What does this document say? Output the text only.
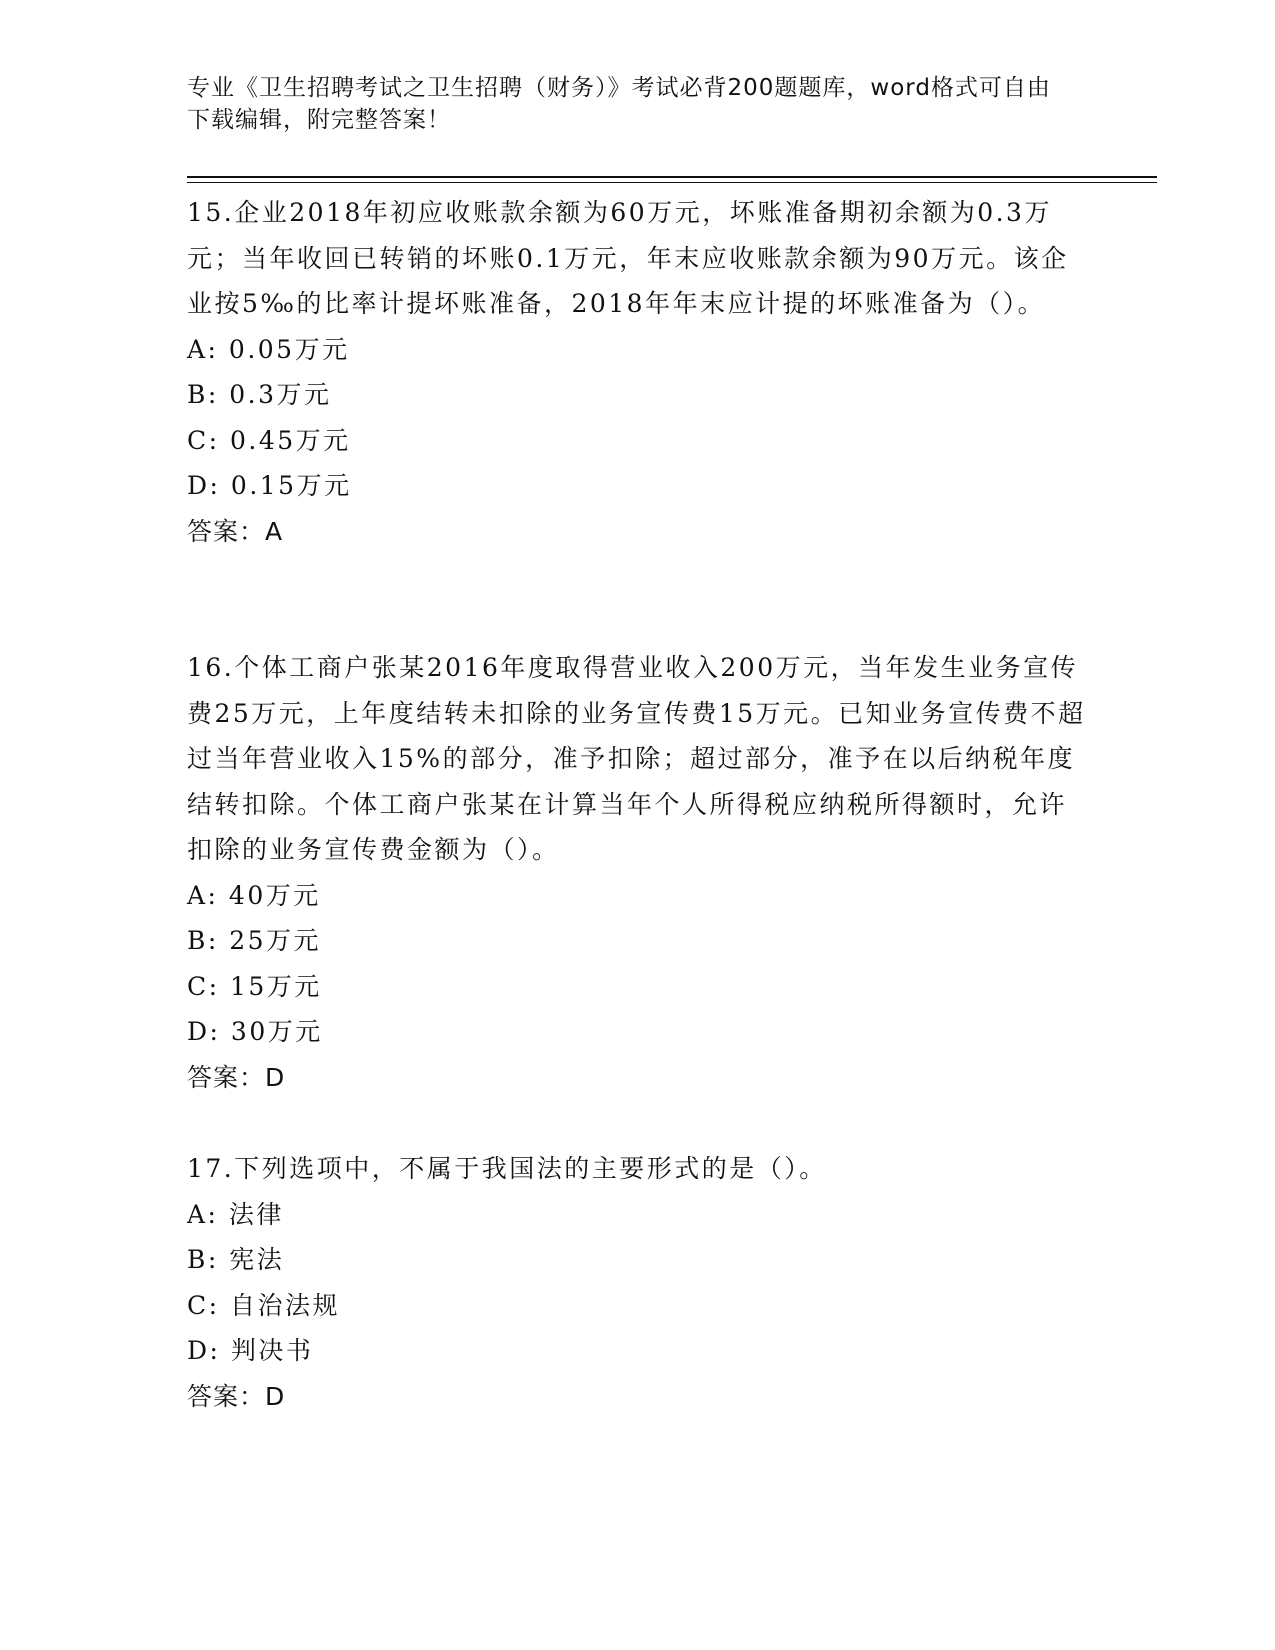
专业《卫生招聘考试之卫生招聘（财务）》考试必背200题题库，word格式可自由下载编辑，附完整答案！

15.企业2018年初应收账款余额为60万元，坏账准备期初余额为0.3万元；当年收回已转销的坏账0.1万元，年末应收账款余额为90万元。该企业按5‰的比率计提坏账准备，2018年年末应计提的坏账准备为（）。

A: 0.05万元

B: 0.3万元

C: 0.45万元

D: 0.15万元

答案：A

16.个体工商户张某2016年度取得营业收入200万元，当年发生业务宣传费25万元，上年度结转未扣除的业务宣传费15万元。已知业务宣传费不超过当年营业收入15%的部分，准予扣除；超过部分，准予在以后纳税年度结转扣除。个体工商户张某在计算当年个人所得税应纳税所得额时，允许扣除的业务宣传费金额为（）。

A: 40万元

B: 25万元

C: 15万元

D: 30万元

答案：D

17.下列选项中，不属于我国法的主要形式的是（）。

A: 法律

B: 宪法

C: 自治法规

D: 判决书

答案：D
